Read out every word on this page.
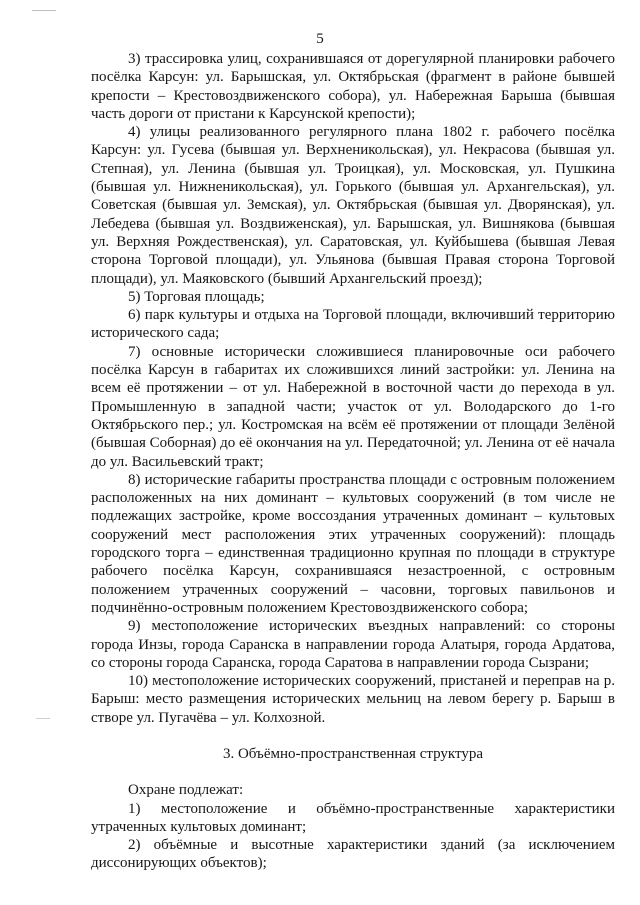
5

3) трассировка улиц, сохранившаяся от дорегулярной планировки рабочего посёлка Карсун: ул. Барышская, ул. Октябрьская (фрагмент в районе бывшей крепости – Крестовоздвиженского собора), ул. Набережная Барыша (бывшая часть дороги от пристани к Карсунской крепости);

4) улицы реализованного регулярного плана 1802 г. рабочего посёлка Карсун: ул. Гусева (бывшая ул. Верхненикольская), ул. Некрасова (бывшая ул. Степная), ул. Ленина (бывшая ул. Троицкая), ул. Московская, ул. Пушкина (бывшая ул. Нижненикольская), ул. Горького (бывшая ул. Архангельская), ул. Советская (бывшая ул. Земская), ул. Октябрьская (бывшая ул. Дворянская), ул. Лебедева (бывшая ул. Воздвиженская), ул. Барышская, ул. Вишнякова (бывшая ул. Верхняя Рождественская), ул. Саратовская, ул. Куйбышева (бывшая Левая сторона Торговой площади), ул. Ульянова (бывшая Правая сторона Торговой площади), ул. Маяковского (бывший Архангельский проезд);

5) Торговая площадь;

6) парк культуры и отдыха на Торговой площади, включивший территорию исторического сада;

7) основные исторически сложившиеся планировочные оси рабочего посёлка Карсун в габаритах их сложившихся линий застройки: ул. Ленина на всем её протяжении – от ул. Набережной в восточной части до перехода в ул. Промышленную в западной части; участок от ул. Володарского до 1-го Октябрьского пер.; ул. Костромская на всём её протяжении от площади Зелёной (бывшая Соборная) до её окончания на ул. Передаточной; ул. Ленина от её начала до ул. Васильевский тракт;

8) исторические габариты пространства площади с островным положением расположенных на них доминант – культовых сооружений (в том числе не подлежащих застройке, кроме воссоздания утраченных доминант – культовых сооружений мест расположения этих утраченных сооружений): площадь городского торга – единственная традиционно крупная по площади в структуре рабочего посёлка Карсун, сохранившаяся незастроенной, с островным положением утраченных сооружений – часовни, торговых павильонов и подчинённо-островным положением Крестовоздвиженского собора;

9) местоположение исторических въездных направлений: со стороны города Инзы, города Саранска в направлении города Алатыря, города Ардатова, со стороны города Саранска, города Саратова в направлении города Сызрани;

10) местоположение исторических сооружений, пристаней и переправ на р. Барыш: место размещения исторических мельниц на левом берегу р. Барыш в створе ул. Пугачёва – ул. Колхозной.

3. Объёмно-пространственная структура

Охране подлежат:

1) местоположение и объёмно-пространственные характеристики утраченных культовых доминант;

2) объёмные и высотные характеристики зданий (за исключением диссонирующих объектов);
